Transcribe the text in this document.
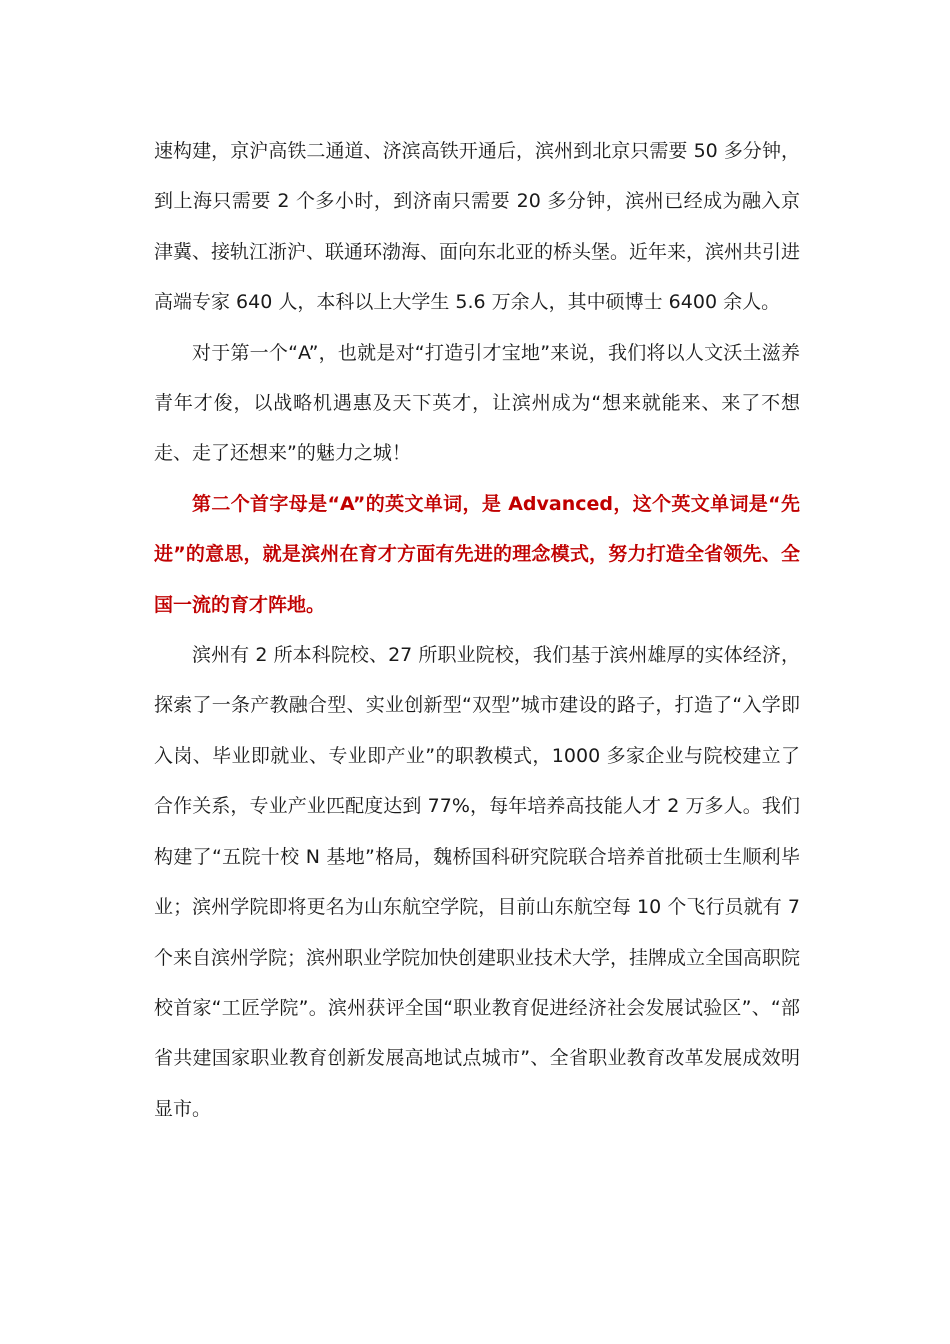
速构建，京沪高铁二通道、济滨高铁开通后，滨州到北京只需要 50 多分钟，到上海只需要 2 个多小时，到济南只需要 20 多分钟，滨州已经成为融入京津冀、接轨江浙沪、联通环渤海、面向东北亚的桥头堡。近年来，滨州共引进高端专家 640 人，本科以上大学生 5.6 万余人，其中硕博士 6400 余人。

对于第一个“A”，也就是对“打造引才宝地”来说，我们将以人文沃土滋养青年才俊，以战略机遇惠及天下英才，让滨州成为“想来就能来、来了不想走、走了还想来”的魅力之城！

第二个首字母是“A”的英文单词，是 Advanced，这个英文单词是“先进”的意思，就是滨州在育才方面有先进的理念模式，努力打造全省领先、全国一流的育才阵地。

滨州有 2 所本科院校、27 所职业院校，我们基于滨州雄厚的实体经济，探索了一条产教融合型、实业创新型“双型”城市建设的路子，打造了“入学即入岗、毕业即就业、专业即产业”的职教模式，1000 多家企业与院校建立了合作关系，专业产业匹配度达到 77%，每年培养高技能人才 2 万多人。我们构建了“五院十校 N 基地”格局，魏桥国科研究院联合培养首批硕士生顺利毕业；滨州学院即将更名为山东航空学院，目前山东航空每 10 个飞行员就有 7 个来自滨州学院；滨州职业学院加快创建职业技术大学，挂牌成立全国高职院校首家“工匠学院”。滨州获评全国“职业教育促进经济社会发展试验区”、“部省共建国家职业教育创新发展高地试点城市”、全省职业教育改革发展成效明显市。
